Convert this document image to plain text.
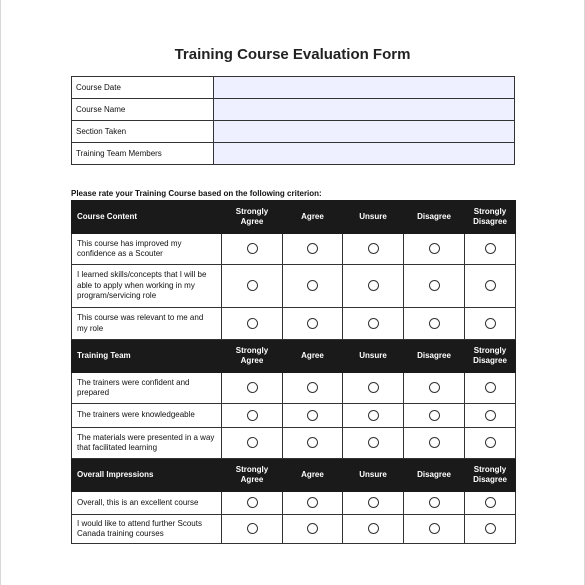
Training Course Evaluation Form
Course Date	

Course Name	

Section Taken	

Training Team Members	
Please rate your Training Course based on the following criterion:
Course Content	Strongly Agree	Agree	Unsure	Disagree	Strongly Disagree
This course has improved my confidence as a Scouter					
I learned skills/concepts that I will be able to apply when working in my program/servicing role					
This course was relevant to me and my role					
Training Team	Strongly Agree	Agree	Unsure	Disagree	Strongly Disagree
The trainers were confident and prepared					
The trainers were knowledgeable					
The materials were presented in a way that facilitated learning					
Overall Impressions	Strongly Agree	Agree	Unsure	Disagree	Strongly Disagree
Overall, this is an excellent course					
I would like to attend further Scouts Canada training courses					
